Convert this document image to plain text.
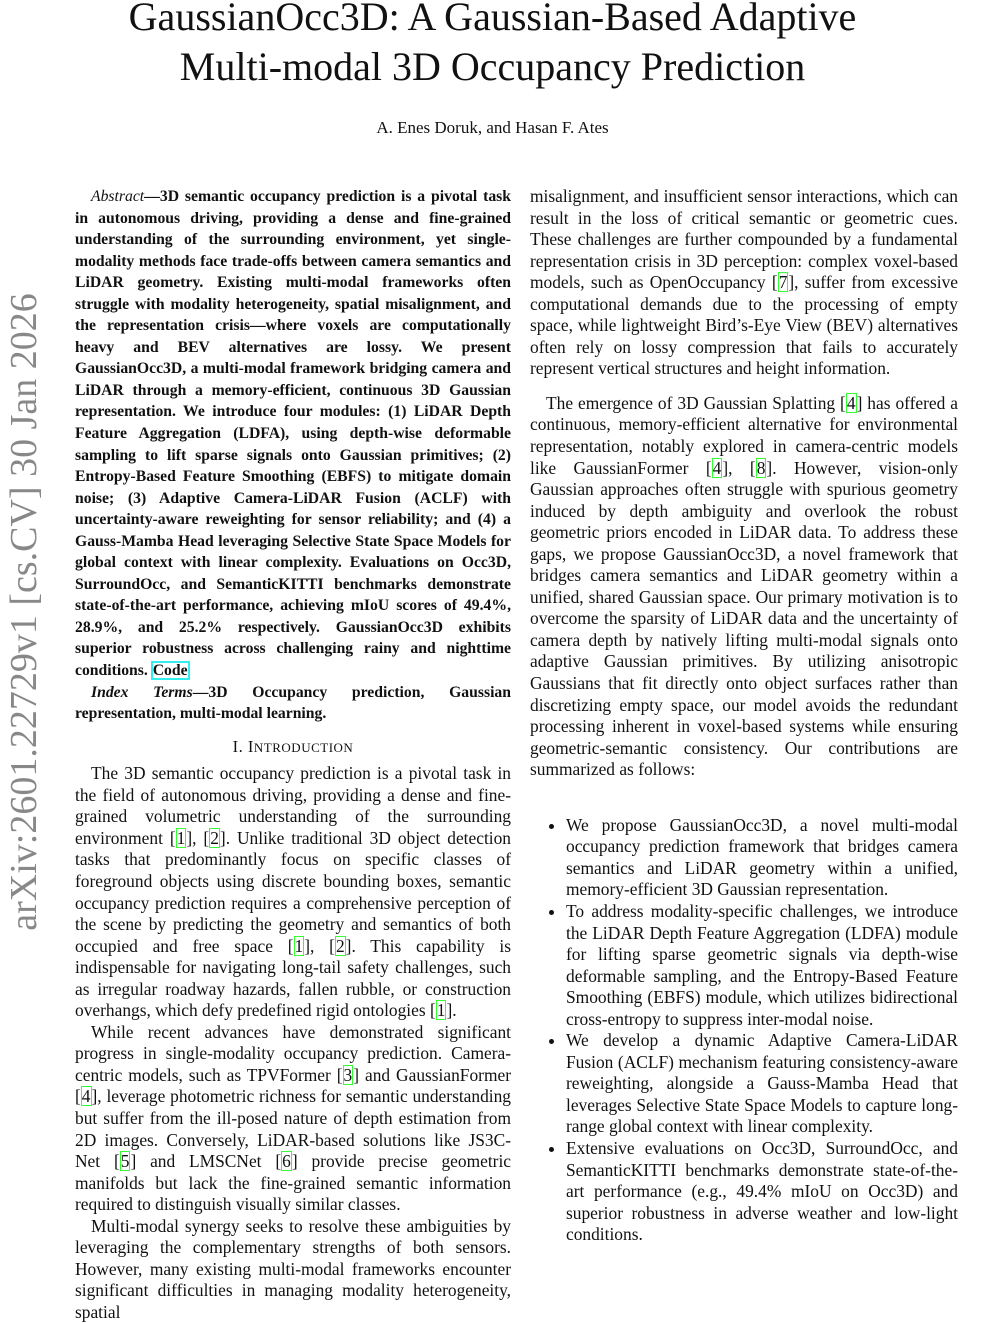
GaussianOcc3D: A Gaussian-Based Adaptive
Multi-modal 3D Occupancy Prediction
A. Enes Doruk, and Hasan F. Ates
arXiv:2601.22729v1 [cs.CV] 30 Jan 2026

Abstract—3D semantic occupancy prediction is a pivotal task in autonomous driving, providing a dense and fine-grained understanding of the surrounding environment, yet single-modality methods face trade-offs between camera semantics and LiDAR geometry. Existing multi-modal frameworks often struggle with modality heterogeneity, spatial misalignment, and the representation crisis—where voxels are computationally heavy and BEV alternatives are lossy. We present GaussianOcc3D, a multi-modal framework bridging camera and LiDAR through a memory-efficient, continuous 3D Gaussian representation. We introduce four modules: (1) LiDAR Depth Feature Aggregation (LDFA), using depth-wise deformable sampling to lift sparse signals onto Gaussian primitives; (2) Entropy-Based Feature Smoothing (EBFS) to mitigate domain noise; (3) Adaptive Camera-LiDAR Fusion (ACLF) with uncertainty-aware reweighting for sensor reliability; and (4) a Gauss-Mamba Head leveraging Selective State Space Models for global context with linear complexity. Evaluations on Occ3D, SurroundOcc, and SemanticKITTI benchmarks demonstrate state-of-the-art performance, achieving mIoU scores of 49.4%, 28.9%, and 25.2% respectively. GaussianOcc3D exhibits superior robustness across challenging rainy and nighttime conditions. Code

Index Terms—3D Occupancy prediction, Gaussian representation, multi-modal learning.

I. INTRODUCTION

The 3D semantic occupancy prediction is a pivotal task in the field of autonomous driving, providing a dense and fine-grained volumetric understanding of the surrounding environment [1], [2]. Unlike traditional 3D object detection tasks that predominantly focus on specific classes of foreground objects using discrete bounding boxes, semantic occupancy prediction requires a comprehensive perception of the scene by predicting the geometry and semantics of both occupied and free space [1], [2]. This capability is indispensable for navigating long-tail safety challenges, such as irregular roadway hazards, fallen rubble, or construction overhangs, which defy predefined rigid ontologies [1].

While recent advances have demonstrated significant progress in single-modality occupancy prediction. Camera-centric models, such as TPVFormer [3] and GaussianFormer [4], leverage photometric richness for semantic understanding but suffer from the ill-posed nature of depth estimation from 2D images. Conversely, LiDAR-based solutions like JS3C-Net [5] and LMSCNet [6] provide precise geometric manifolds but lack the fine-grained semantic information required to distinguish visually similar classes.

Multi-modal synergy seeks to resolve these ambiguities by leveraging the complementary strengths of both sensors. However, many existing multi-modal frameworks encounter significant difficulties in managing modality heterogeneity, spatial

misalignment, and insufficient sensor interactions, which can result in the loss of critical semantic or geometric cues. These challenges are further compounded by a fundamental representation crisis in 3D perception: complex voxel-based models, such as OpenOccupancy [7], suffer from excessive computational demands due to the processing of empty space, while lightweight Bird’s-Eye View (BEV) alternatives often rely on lossy compression that fails to accurately represent vertical structures and height information.

The emergence of 3D Gaussian Splatting [4] has offered a continuous, memory-efficient alternative for environmental representation, notably explored in camera-centric models like GaussianFormer [4], [8]. However, vision-only Gaussian approaches often struggle with spurious geometry induced by depth ambiguity and overlook the robust geometric priors encoded in LiDAR data. To address these gaps, we propose GaussianOcc3D, a novel framework that bridges camera semantics and LiDAR geometry within a unified, shared Gaussian space. Our primary motivation is to overcome the sparsity of LiDAR data and the uncertainty of camera depth by natively lifting multi-modal signals onto adaptive Gaussian primitives. By utilizing anisotropic Gaussians that fit directly onto object surfaces rather than discretizing empty space, our model avoids the redundant processing inherent in voxel-based systems while ensuring geometric-semantic consistency. Our contributions are summarized as follows:

• We propose GaussianOcc3D, a novel multi-modal occupancy prediction framework that bridges camera semantics and LiDAR geometry within a unified, memory-efficient 3D Gaussian representation.
• To address modality-specific challenges, we introduce the LiDAR Depth Feature Aggregation (LDFA) module for lifting sparse geometric signals via depth-wise deformable sampling, and the Entropy-Based Feature Smoothing (EBFS) module, which utilizes bidirectional cross-entropy to suppress inter-modal noise.
• We develop a dynamic Adaptive Camera-LiDAR Fusion (ACLF) mechanism featuring consistency-aware reweighting, alongside a Gauss-Mamba Head that leverages Selective State Space Models to capture long-range global context with linear complexity.
• Extensive evaluations on Occ3D, SurroundOcc, and SemanticKITTI benchmarks demonstrate state-of-the-art performance (e.g., 49.4% mIoU on Occ3D) and superior robustness in adverse weather and low-light conditions.
